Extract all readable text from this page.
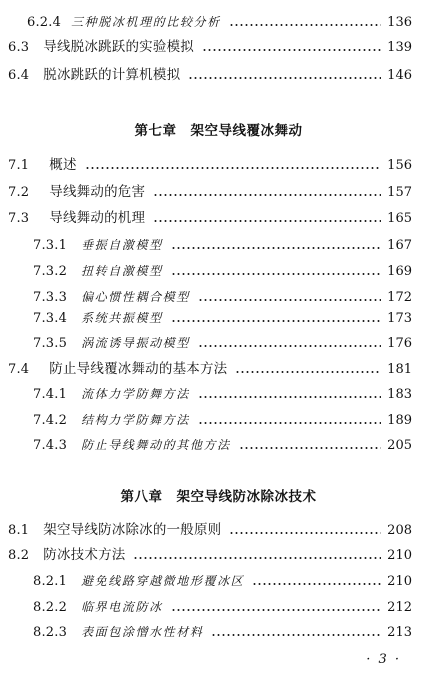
6.2.4 三种脱冰机理的比较分析	136
6.3 导线脱冰跳跃的实验模拟	139
6.4 脱冰跳跃的计算机模拟	146
第七章 架空导线覆冰舞动
7.1 概述	156
7.2 导线舞动的危害	157
7.3 导线舞动的机理	165
7.3.1 垂振自激模型	167
7.3.2 扭转自激模型	169
7.3.3 偏心惯性耦合模型	172
7.3.4 系统共振模型	173
7.3.5 涡流诱导振动模型	176
7.4 防止导线覆冰舞动的基本方法	181
7.4.1 流体力学防舞方法	183
7.4.2 结构力学防舞方法	189
7.4.3 防止导线舞动的其他方法	205
第八章 架空导线防冰除冰技术
8.1 架空导线防冰除冰的一般原则	208
8.2 防冰技术方法	210
8.2.1 避免线路穿越微地形覆冰区	210
8.2.2 临界电流防冰	212
8.2.3 表面包涂憎水性材料	213
· 3 ·
